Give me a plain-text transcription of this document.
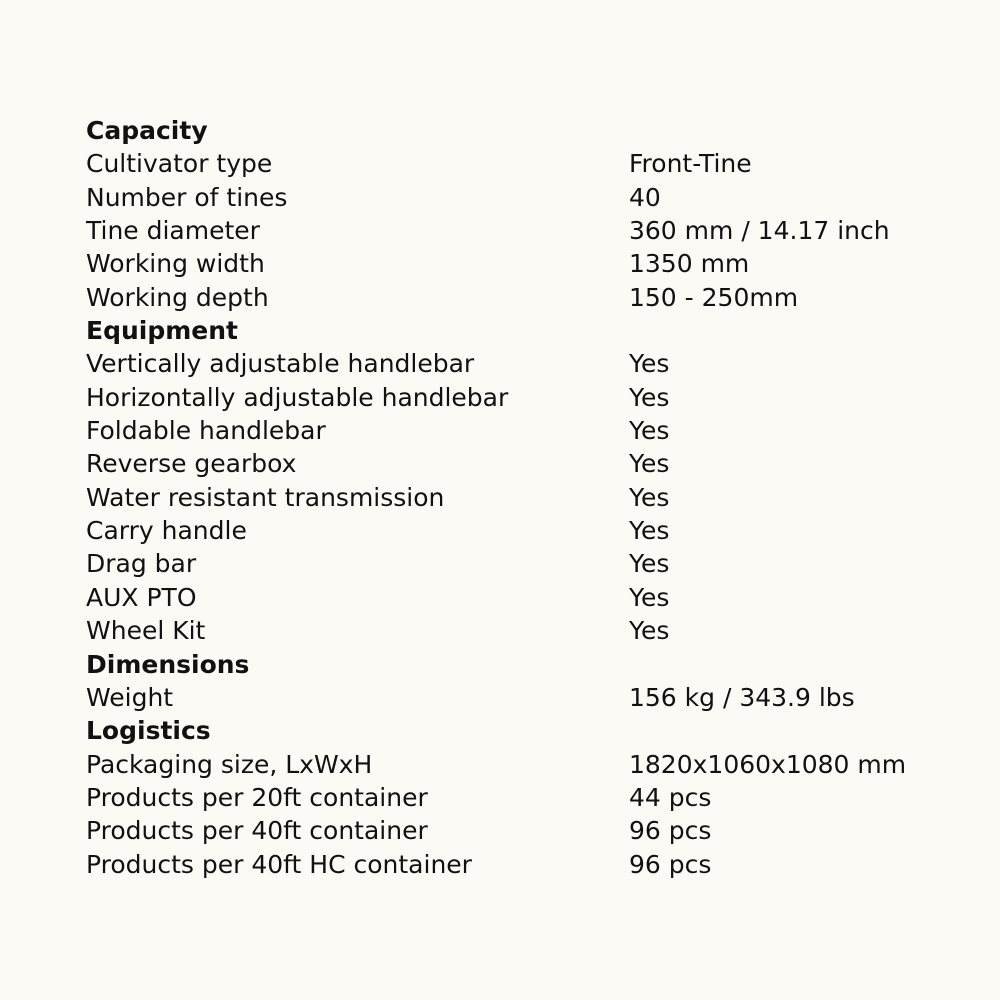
Capacity
Cultivator type	Front-Tine
Number of tines	40
Tine diameter	360 mm / 14.17 inch
Working width	1350 mm
Working depth	150 - 250mm
Equipment
Vertically adjustable handlebar	Yes
Horizontally adjustable handlebar	Yes
Foldable handlebar	Yes
Reverse gearbox	Yes
Water resistant transmission	Yes
Carry handle	Yes
Drag bar	Yes
AUX PTO	Yes
Wheel Kit	Yes
Dimensions
Weight	156 kg / 343.9 lbs
Logistics
Packaging size, LxWxH	1820x1060x1080 mm
Products per 20ft container	44 pcs
Products per 40ft container	96 pcs
Products per 40ft HC container	96 pcs
